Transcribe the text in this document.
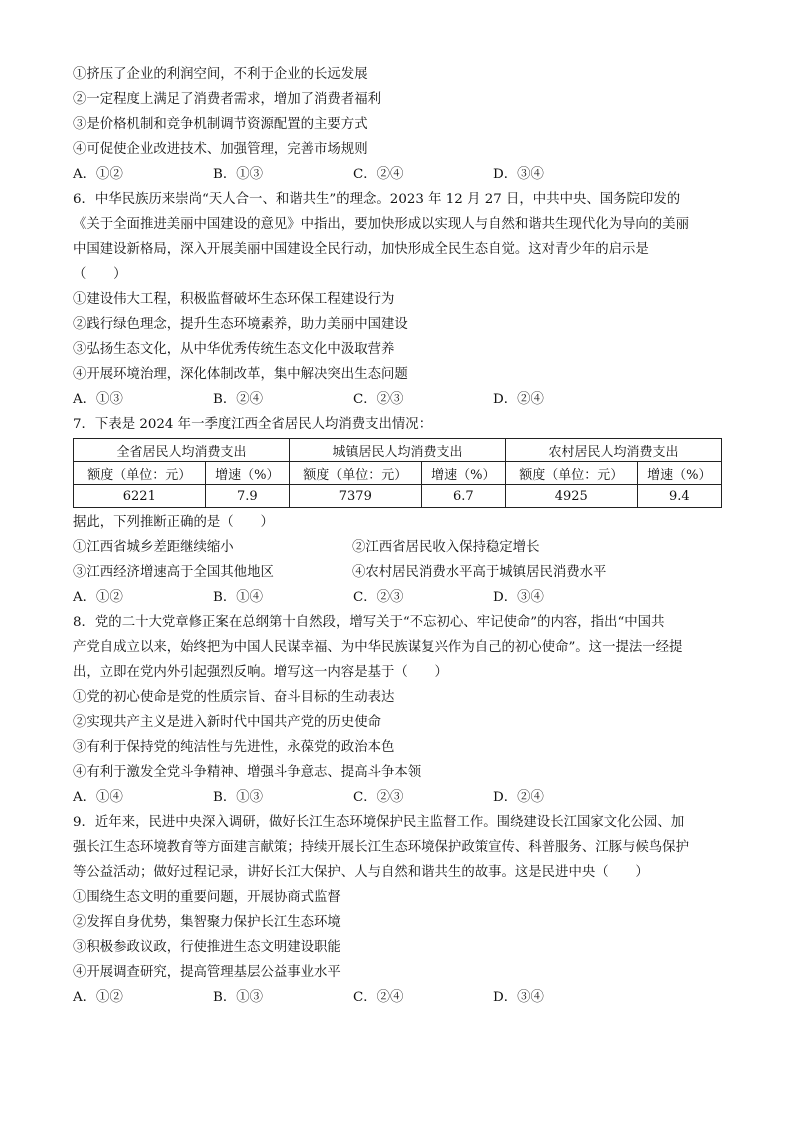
①挤压了企业的利润空间，不利于企业的长远发展
②一定程度上满足了消费者需求，增加了消费者福利
③是价格机制和竞争机制调节资源配置的主要方式
④可促使企业改进技术、加强管理，完善市场规则
A．①②	B．①③	C．②④	D．③④
6．中华民族历来崇尚“天人合一、和谐共生”的理念。2023 年 12 月 27 日，中共中央、国务院印发的
《关于全面推进美丽中国建设的意见》中指出，要加快形成以实现人与自然和谐共生现代化为导向的美丽
中国建设新格局，深入开展美丽中国建设全民行动，加快形成全民生态自觉。这对青少年的启示是
（　　）
①建设伟大工程，积极监督破坏生态环保工程建设行为
②践行绿色理念，提升生态环境素养，助力美丽中国建设
③弘扬生态文化，从中华优秀传统生态文化中汲取营养
④开展环境治理，深化体制改革，集中解决突出生态问题
A．①③	B．②④	C．②③	D．②④
7．下表是 2024 年一季度江西全省居民人均消费支出情况：
全省居民人均消费支出		城镇居民人均消费支出		农村居民人均消费支出	
额度（单位：元）	增速（%）	额度（单位：元）	增速（%）	额度（单位：元）	增速（%）
6221	7.9	7379	6.7	4925	9.4
据此，下列推断正确的是（　　）
①江西省城乡差距继续缩小	②江西省居民收入保持稳定增长
③江西经济增速高于全国其他地区	④农村居民消费水平高于城镇居民消费水平
A．①②	B．①④	C．②③	D．③④
8．党的二十大党章修正案在总纲第十自然段，增写关于“不忘初心、牢记使命”的内容，指出“中国共
产党自成立以来，始终把为中国人民谋幸福、为中华民族谋复兴作为自己的初心使命”。这一提法一经提
出，立即在党内外引起强烈反响。增写这一内容是基于（　　）
①党的初心使命是党的性质宗旨、奋斗目标的生动表达
②实现共产主义是进入新时代中国共产党的历史使命
③有利于保持党的纯洁性与先进性，永葆党的政治本色
④有利于激发全党斗争精神、增强斗争意志、提高斗争本领
A．①④	B．①③	C．②③	D．②④
9．近年来，民进中央深入调研，做好长江生态环境保护民主监督工作。围绕建设长江国家文化公园、加
强长江生态环境教育等方面建言献策；持续开展长江生态环境保护政策宣传、科普服务、江豚与候鸟保护
等公益活动；做好过程记录，讲好长江大保护、人与自然和谐共生的故事。这是民进中央（　　）
①围绕生态文明的重要问题，开展协商式监督
②发挥自身优势，集智聚力保护长江生态环境
③积极参政议政，行使推进生态文明建设职能
④开展调查研究，提高管理基层公益事业水平
A．①②	B．①③	C．②④	D．③④
